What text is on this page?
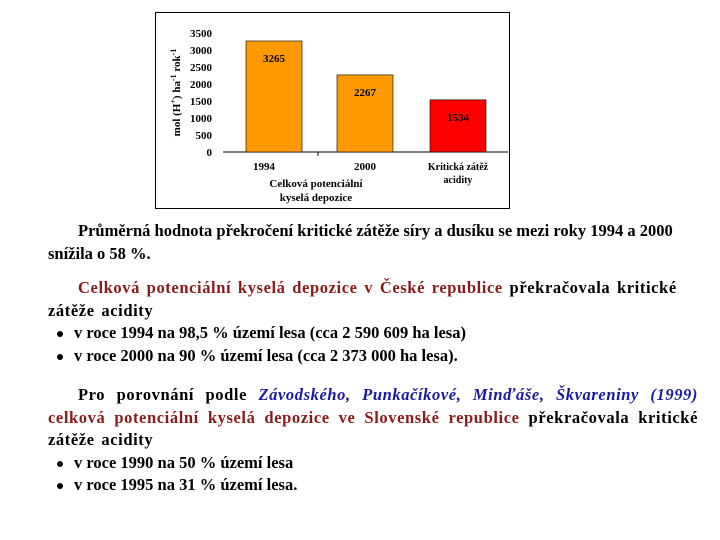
0
500
1000
1500
2000
2500
3000
3500
mol (H+) $ha^{-1}$ rok$^{-1}$
3265
2267
1534
1994	2000	Kritická zátěž
acidity
Celková potenciální
kyselá depozice
Průměrná hodnota překročení kritické zátěže síry a dusíku se mezi roky 1994 a 2000 snížila o 58 %.
Celková potenciální kyselá depozice v České republice překračovala kritické zátěže acidity
v roce 1994 na 98,5 % území lesa (cca 2 590 609 ha lesa)
v roce 2000 na 90 % území lesa (cca 2 373 000 ha lesa).
Pro porovnání podle Závodského, Punkačíkové, Minďáše, Škvareniny (1999) celková potenciální kyselá depozice ve Slovenské republice překračovala kritické zátěže acidity
v roce 1990 na 50 % území lesa
v roce 1995 na 31 % území lesa.
